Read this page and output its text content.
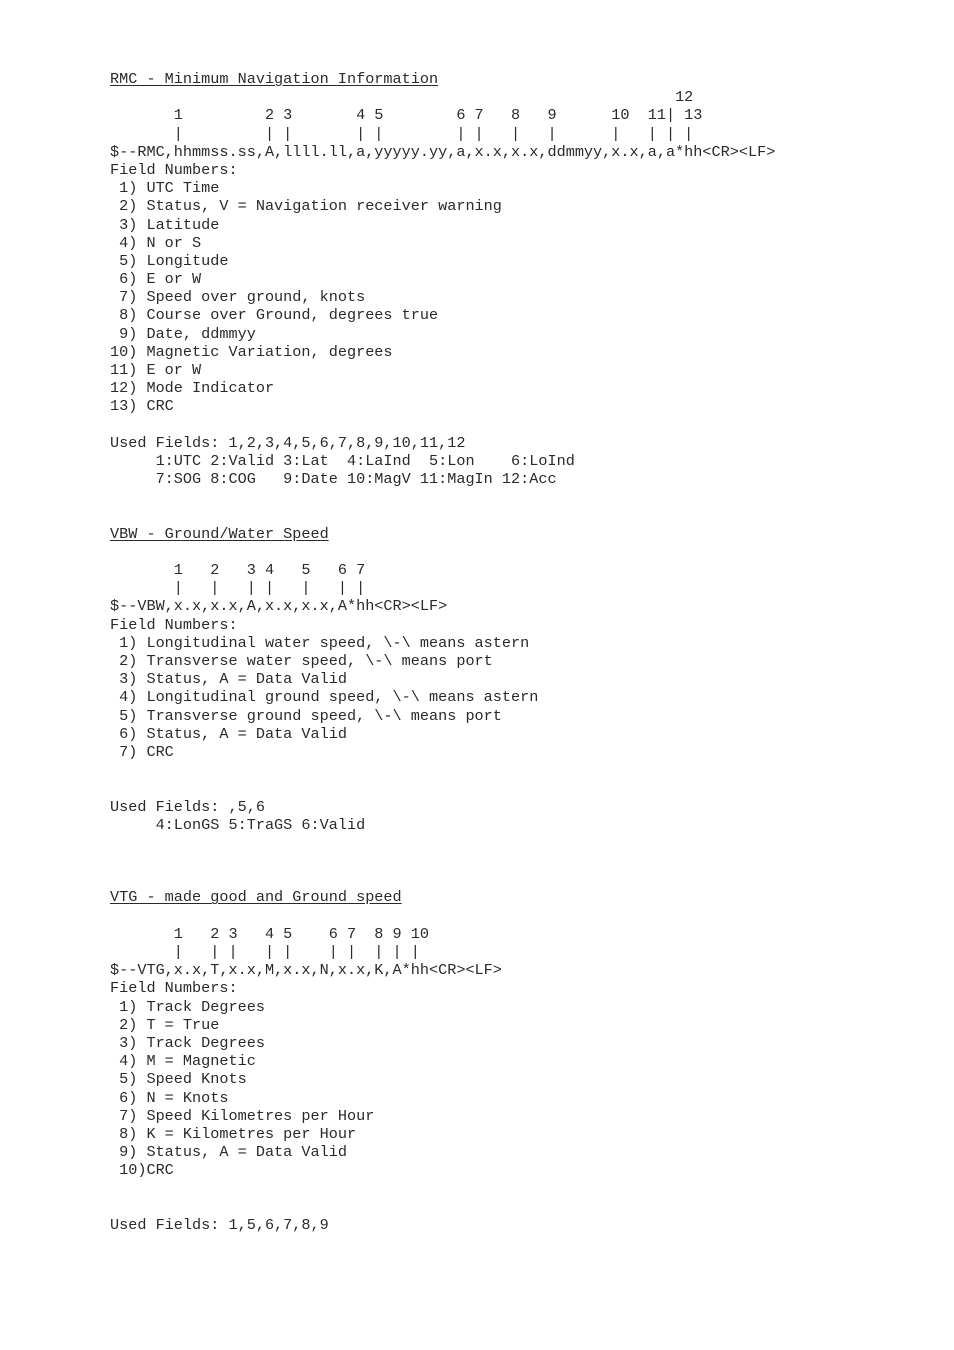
RMC - Minimum Navigation Information
12
1         2 3       4 5        6 7   8   9      10  11| 13
|         | |       | |        | |   |   |      |   | | |
$--RMC,hhmmss.ss,A,llll.ll,a,yyyyy.yy,a,x.x,x.x,ddmmyy,x.x,a,a*hh<CR><LF>
Field Numbers:
1) UTC Time
2) Status, V = Navigation receiver warning
3) Latitude
4) N or S
5) Longitude
6) E or W
7) Speed over ground, knots
8) Course over Ground, degrees true
9) Date, ddmmyy
10) Magnetic Variation, degrees
11) E or W
12) Mode Indicator
13) CRC
Used Fields: 1,2,3,4,5,6,7,8,9,10,11,12
1:UTC 2:Valid 3:Lat  4:LaInd  5:Lon    6:LoInd
7:SOG 8:COG   9:Date 10:MagV 11:MagIn 12:Acc
VBW - Ground/Water Speed
1   2   3 4   5   6 7
|   |   | |   |   | |
$--VBW,x.x,x.x,A,x.x,x.x,A*hh<CR><LF>
Field Numbers:
1) Longitudinal water speed, \-\ means astern
2) Transverse water speed, \-\ means port
3) Status, A = Data Valid
4) Longitudinal ground speed, \-\ means astern
5) Transverse ground speed, \-\ means port
6) Status, A = Data Valid
7) CRC
Used Fields: ,5,6
4:LonGS 5:TraGS 6:Valid
VTG - made good and Ground speed
1   2 3   4 5    6 7  8 9 10
|   | |   | |    | |  | | |
$--VTG,x.x,T,x.x,M,x.x,N,x.x,K,A*hh<CR><LF>
Field Numbers:
1) Track Degrees
2) T = True
3) Track Degrees
4) M = Magnetic
5) Speed Knots
6) N = Knots
7) Speed Kilometres per Hour
8) K = Kilometres per Hour
9) Status, A = Data Valid
10)CRC
Used Fields: 1,5,6,7,8,9
